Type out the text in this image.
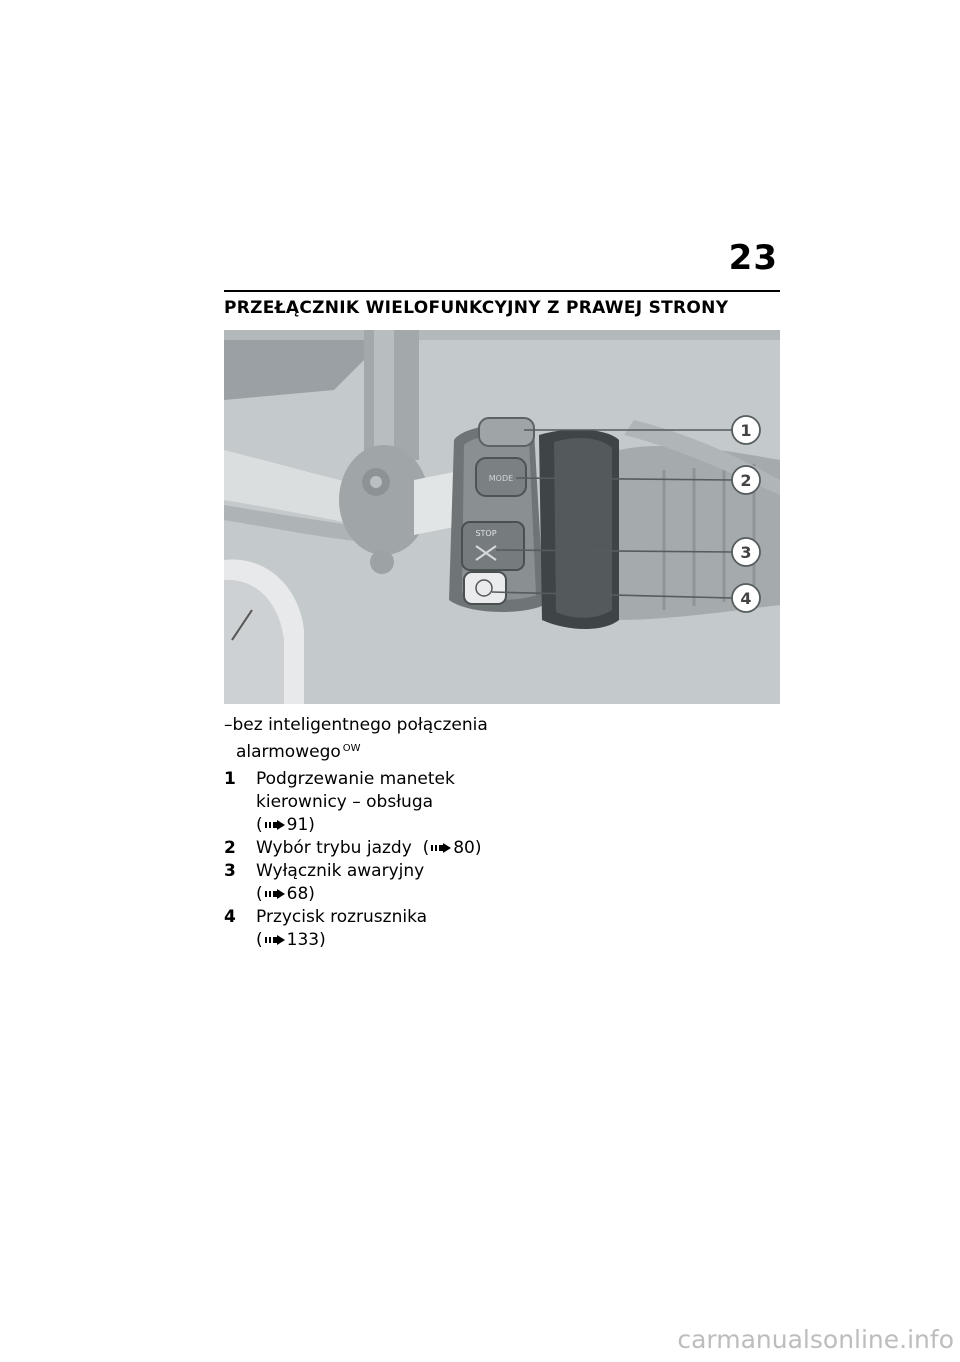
23
PRZEŁĄCZNIK WIELOFUNKCYJNY Z PRAWEJ STRONY
MODE
STOP
1
2
3
4
–bez inteligentnego połączenia
alarmowego $^{OW}$
1	Podgrzewanie manetek
kierownicy – obsługa
( 91)
2	Wybór trybu jazdy ( 80)
3	Wyłącznik awaryjny
( 68)
4	Przycisk rozrusznika
( 133)
carmanualsonline.info
